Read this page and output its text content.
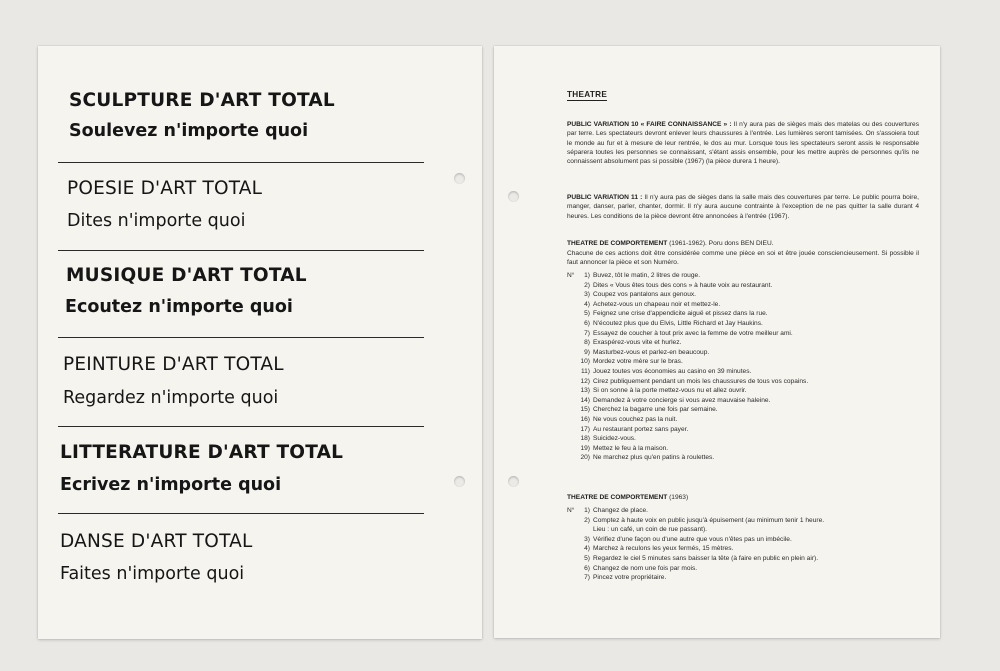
SCULPTURE D'ART TOTAL
Soulevez n'importe quoi
POESIE D'ART TOTAL
Dites n'importe quoi
MUSIQUE D'ART TOTAL
Ecoutez n'importe quoi
PEINTURE D'ART TOTAL
Regardez n'importe quoi
LITTERATURE D'ART TOTAL
Ecrivez n'importe quoi
DANSE D'ART TOTAL
Faites n'importe quoi
THEATRE
PUBLIC VARIATION 10 « FAIRE CONNAISSANCE » : Il n'y aura pas de sièges mais des matelas ou des couvertures par terre. Les spectateurs devront enlever leurs chaussures à l'entrée. Les lumières seront tamisées. On s'assoiera tout le monde au fur et à mesure de leur rentrée, le dos au mur. Lorsque tous les spectateurs seront assis le responsable séparera toutes les personnes se connaissant, s'étant assis ensemble, pour les mettre auprès de personnes qu'ils ne connaissent absolument pas si possible (1967) (la pièce durera 1 heure).
PUBLIC VARIATION 11 : Il n'y aura pas de sièges dans la salle mais des couvertures par terre. Le public pourra boire, manger, danser, parler, chanter, dormir. Il n'y aura aucune contrainte à l'exception de ne pas quitter la salle durant 4 heures. Les conditions de la pièce devront être annoncées à l'entrée (1967).
THEATRE DE COMPORTEMENT (1961-1962). Poru dons BEN DIEU.
Chacune de ces actions doit être considérée comme une pièce en soi et être jouée consciencieusement. Si possible il faut annoncer la pièce et son Numéro.
N°	1) Buvez, tôt le matin, 2 litres de rouge.
2) Dites « Vous êtes tous des cons » à haute voix au restaurant.
3) Coupez vos pantalons aux genoux.
4) Achetez-vous un chapeau noir et mettez-le.
5) Feignez une crise d'appendicite aiguë et pissez dans la rue.
6) N'écoutez plus que du Elvis, Little Richard et Jay Haukins.
7) Essayez de coucher à tout prix avec la femme de votre meilleur ami.
8) Exaspérez-vous vite et hurlez.
9) Masturbez-vous et parlez-en beaucoup.
10) Mordez votre mère sur le bras.
11) Jouez toutes vos économies au casino en 39 minutes.
12) Cirez publiquement pendant un mois les chaussures de tous vos copains.
13) Si on sonne à la porte mettez-vous nu et allez ouvrir.
14) Demandez à votre concierge si vous avez mauvaise haleine.
15) Cherchez la bagarre une fois par semaine.
16) Ne vous couchez pas la nuit.
17) Au restaurant portez sans payer.
18) Suicidez-vous.
19) Mettez le feu à la maison.
20) Ne marchez plus qu'en patins à roulettes.
THEATRE DE COMPORTEMENT (1963)
N°	1) Changez de place.
2) Comptez à haute voix en public jusqu'à épuisement (au minimum tenir 1 heure.
Lieu : un café, un coin de rue passant).
3) Vérifiez d'une façon ou d'une autre que vous n'êtes pas un imbécile.
4) Marchez à reculons les yeux fermés, 15 mètres.
5) Regardez le ciel 5 minutes sans baisser la tête (à faire en public en plein air).
6) Changez de nom une fois par mois.
7) Pincez votre propriétaire.
